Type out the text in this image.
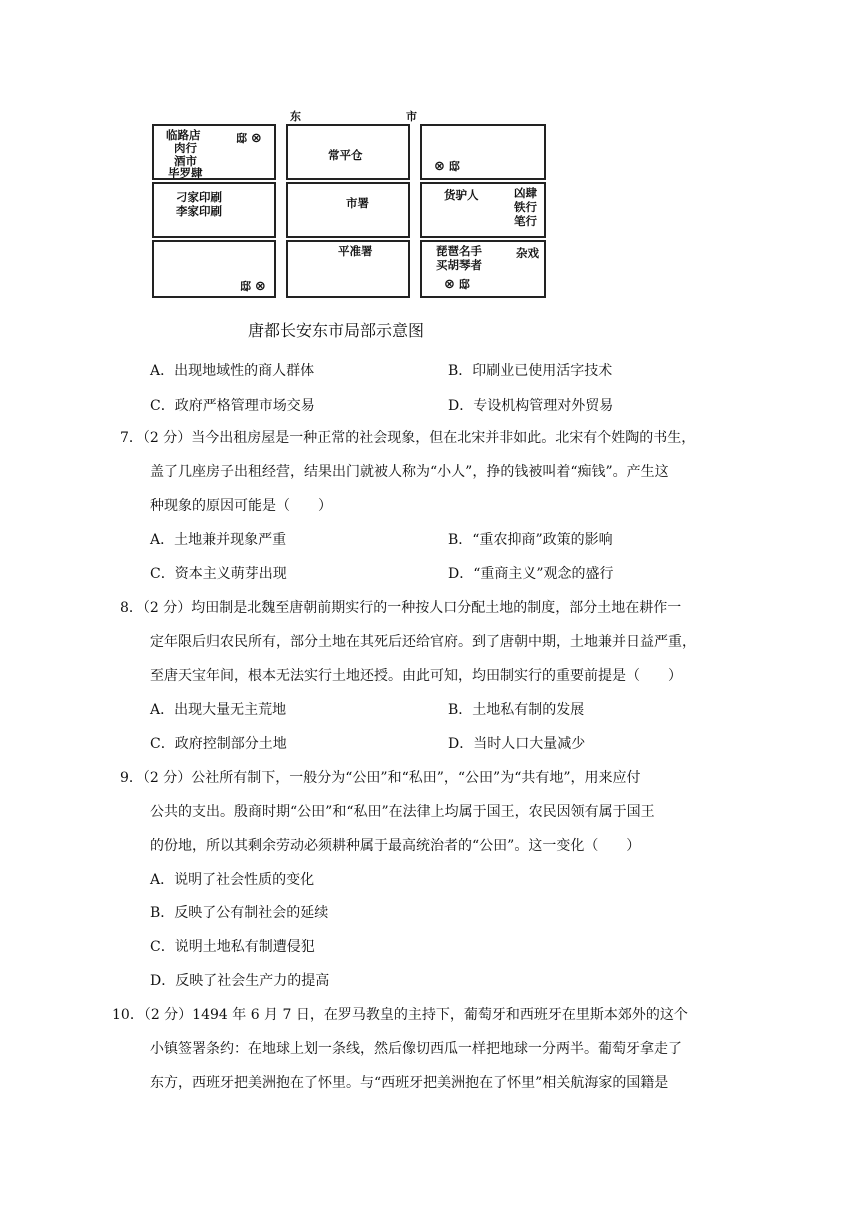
东	市
临路店
肉行
酒市
毕罗肆
邸 ⊗
常平仓
⊗ 邸
刁家印刷
李家印刷
市署
货驴人	凶肆
铁行
笔行
邸 ⊗
平准署	琵琶名手
买胡琴者
杂戏
⊗ 邸
唐都长安东市局部示意图
A．出现地域性的商人群体	B．印刷业已使用活字技术
C．政府严格管理市场交易	D．专设机构管理对外贸易
7．（2 分）当今出租房屋是一种正常的社会现象，但在北宋并非如此。北宋有个姓陶的书生，
盖了几座房子出租经营，结果出门就被人称为“小人”，挣的钱被叫着“痴钱”。产生这
种现象的原因可能是（　　）
A．土地兼并现象严重	B．“重农抑商”政策的影响
C．资本主义萌芽出现	D．“重商主义”观念的盛行
8．（2 分）均田制是北魏至唐朝前期实行的一种按人口分配土地的制度，部分土地在耕作一
定年限后归农民所有，部分土地在其死后还给官府。到了唐朝中期，土地兼并日益严重，
至唐天宝年间，根本无法实行土地还授。由此可知，均田制实行的重要前提是（　　）
A．出现大量无主荒地	B．土地私有制的发展
C．政府控制部分土地	D．当时人口大量减少
9．（2 分）公社所有制下，一般分为“公田”和“私田”，“公田”为“共有地”，用来应付
公共的支出。殷商时期“公田”和“私田”在法律上均属于国王，农民因领有属于国王
的份地，所以其剩余劳动必须耕种属于最高统治者的“公田”。这一变化（　　）
A．说明了社会性质的变化
B．反映了公有制社会的延续
C．说明土地私有制遭侵犯
D．反映了社会生产力的提高
10．（2 分）1494 年 6 月 7 日，在罗马教皇的主持下，葡萄牙和西班牙在里斯本郊外的这个
小镇签署条约：在地球上划一条线，然后像切西瓜一样把地球一分两半。葡萄牙拿走了
东方，西班牙把美洲抱在了怀里。与“西班牙把美洲抱在了怀里”相关航海家的国籍是
